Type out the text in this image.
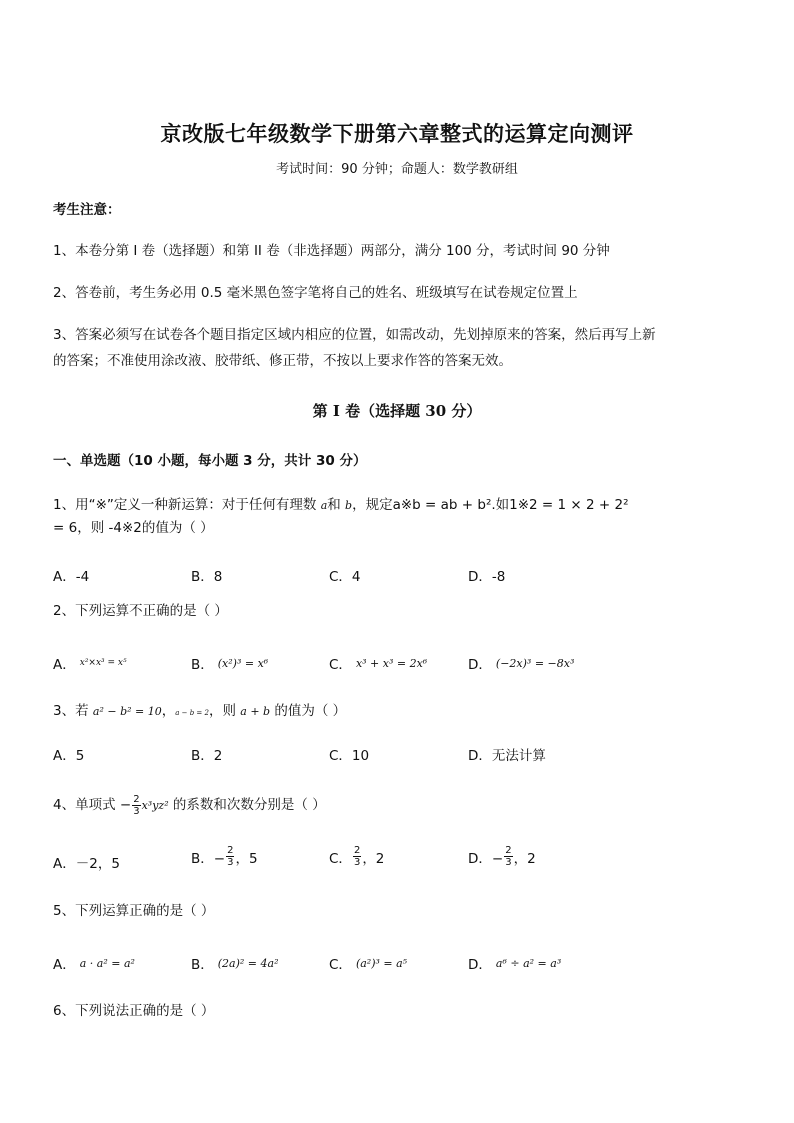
京改版七年级数学下册第六章整式的运算定向测评
考试时间：90 分钟；命题人：数学教研组
考生注意：
1、本卷分第 I 卷（选择题）和第 II 卷（非选择题）两部分，满分 100 分，考试时间 90 分钟
2、答卷前，考生务必用 0.5 毫米黑色签字笔将自己的姓名、班级填写在试卷规定位置上
3、答案必须写在试卷各个题目指定区域内相应的位置，如需改动，先划掉原来的答案，然后再写上新
的答案；不准使用涂改液、胶带纸、修正带，不按以上要求作答的答案无效。
第 I 卷（选择题 30 分）
一、单选题（10 小题，每小题 3 分，共计 30 分）
1、用“※”定义一种新运算：对于任何有理数 a和 b，规定a※b = ab + b².如1※2 = 1 × 2 + 2²
= 6，则 -4※2的值为（ ）
A．-4	B．8	C．4	D．-8
2、下列运算不正确的是（ ）
A． x²×x³ = x⁵	B． (x²)³ = x⁶	C． x³ + x³ = 2x⁶	D． (−2x)³ = −8x³
3、若 a² − b² = 10，a − b = 2，则 a + b 的值为（ ）
A．5	B．2	C．10	D．无法计算
4、单项式 − $\frac{2}{3} x^3yz^2$ 的系数和次数分别是（ ）
A．－2，5	B．− $\frac{2}{3}$ ，5	C． $\frac{2}{3}$ ，2	D．− $\frac{2}{3}$ ，2
5、下列运算正确的是（ ）
A． a · a² = a²	B． (2a)² = 4a²	C． (a²)³ = a⁵	D． a⁶ ÷ a² = a³
6、下列说法正确的是（ ）
